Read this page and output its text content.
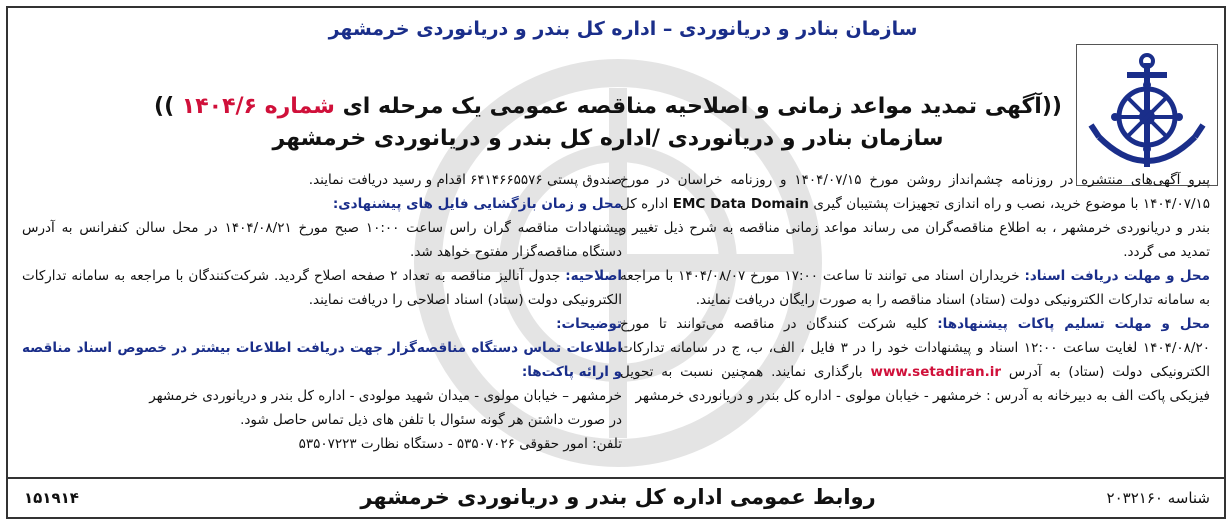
سازمان بنادر و دریانوردی – اداره کل بندر و دریانوردی خرمشهر
((آگهی تمدید مواعد زمانی و اصلاحیه مناقصه عمومی یک مرحله ای شماره ۱۴۰۴/۶ ))
سازمان بنادر و دریانوردی /اداره کل بندر و دریانوردی خرمشهر

پیرو آگهی‌های منتشره در روزنامه چشم‌انداز روشن مورخ ۱۴۰۴/۰۷/۱۵ و روزنامه خراسان در مورخ ۱۴۰۴/۰۷/۱۵ با موضوع خرید، نصب و راه اندازی تجهیزات پشتیبان گیری EMC Data Domain اداره کل بندر و دریانوردی خرمشهر ، به اطلاع مناقصه‌گران می رساند مواعد زمانی مناقصه به شرح ذیل تغییر و تمدید می گردد.

محل و مهلت دریافت اسناد: خریداران اسناد می توانند تا ساعت ۱۷:۰۰ مورخ ۱۴۰۴/۰۸/۰۷ با مراجعه به سامانه تدارکات الکترونیکی دولت (ستاد) اسناد مناقصه را به صورت رایگان دریافت نمایند.

محل و مهلت تسلیم پاکات پیشنهادها: کلیه شرکت کنندگان در مناقصه می‌توانند تا مورخ ۱۴۰۴/۰۸/۲۰ لغایت ساعت ۱۲:۰۰ اسناد و پیشنهادات خود را در ۳ فایل ، الف، ب، ج در سامانه تدارکات الکترونیکی دولت (ستاد) به آدرس www.setadiran.ir بارگذاری نمایند. همچنین نسبت به تحویل فیزیکی پاکت الف به دبیرخانه به آدرس : خرمشهر - خیابان مولوی - اداره کل بندر و دریانوردی خرمشهر

صندوق پستی ۶۴۱۴۶۶۵۵۷۶ اقدام و رسید دریافت نمایند.

محل و زمان بازگشایی فایل های پیشنهادی:

پیشنهادات مناقصه گران راس ساعت ۱۰:۰۰ صبح مورخ ۱۴۰۴/۰۸/۲۱ در محل سالن کنفرانس به آدرس دستگاه مناقصه‌گزار مفتوح خواهد شد.

اصلاحیه: جدول آنالیز مناقصه به تعداد ۲ صفحه اصلاح گردید. شرکت‌کنندگان با مراجعه به سامانه تدارکات الکترونیکی دولت (ستاد) اسناد اصلاحی را دریافت نمایند.

توضیحات:

اطلاعات تماس دستگاه مناقصه‌گزار جهت دریافت اطلاعات بیشتر در خصوص اسناد مناقصه و ارائه پاکت‌ها:

خرمشهر – خیابان مولوی - میدان شهید مولودی - اداره کل بندر و دریانوردی خرمشهر

در صورت داشتن هر گونه سئوال با تلفن های ذیل تماس حاصل شود.

تلفن: امور حقوقی ۵۳۵۰۷۰۲۶ - دستگاه نظارت ۵۳۵۰۷۲۲۳

۱۵۱۹۱۴	روابط عمومی اداره کل بندر و دریانوردی خرمشهر	شناسه ۲۰۳۲۱۶۰
